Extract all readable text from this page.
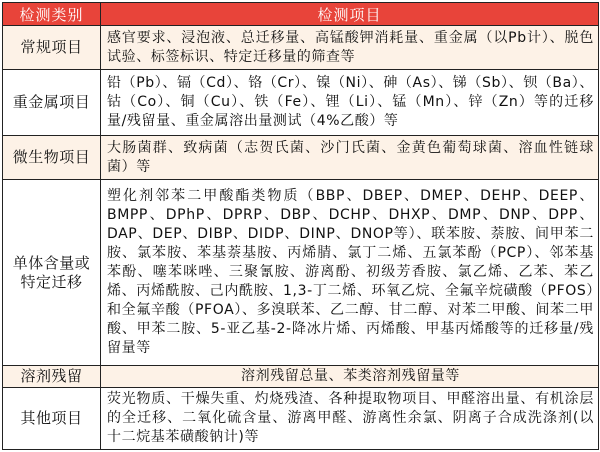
检测类别	检测项目
常规项目	感官要求、浸泡液、总迁移量、高锰酸钾消耗量、重金属（以Pb计）、脱色试验、标签标识、特定迁移量的筛查等
重金属项目	铅（Pb）、镉（Cd）、铬（Cr）、镍（Ni）、砷（As）、锑（Sb）、钡（Ba）、钴（Co）、铜（Cu）、铁（Fe）、锂（Li）、锰（Mn）、锌（Zn）等的迁移量/残留量、重金属溶出量测试（4%乙酸）等
微生物项目	大肠菌群、致病菌（志贺氏菌、沙门氏菌、金黄色葡萄球菌、溶血性链球菌）等
单体含量或特定迁移	塑化剂邻苯二甲酸酯类物质（BBP、DBEP、DMEP、DEHP、DEEP、BMPP、DPhP、DPRP、DBP、DCHP、DHXP、DMP、DNP、DPP、DAP、DEP、DIBP、DIDP、DINP、DNOP等）、联苯胺、萘胺、间甲苯二胺、氯苯胺、苯基萘基胺、丙烯腈、氯丁二烯、五氯苯酚（PCP）、邻苯基苯酚、噻苯咪唑、三聚氰胺、游离酚、初级芳香胺、氯乙烯、乙苯、苯乙烯、丙烯酰胺、己内酰胺、1,3-丁二烯、环氧乙烷、全氟辛烷磺酸（PFOS）和全氟辛酸（PFOA）、多溴联苯、乙二醇、甘二醇、对苯二甲酸、间苯二甲酸、甲苯二胺、5-亚乙基-2-降冰片烯、丙烯酸、甲基丙烯酸等的迁移量/残留量等
溶剂残留	溶剂残留总量、苯类溶剂残留量等
其他项目	荧光物质、干燥失重、灼烧残渣、各种提取物项目、甲醛溶出量、有机涂层的全迁移、二氧化硫含量、游离甲醛、游离性余氯、阴离子合成洗涤剂(以十二烷基苯磺酸钠计)等
